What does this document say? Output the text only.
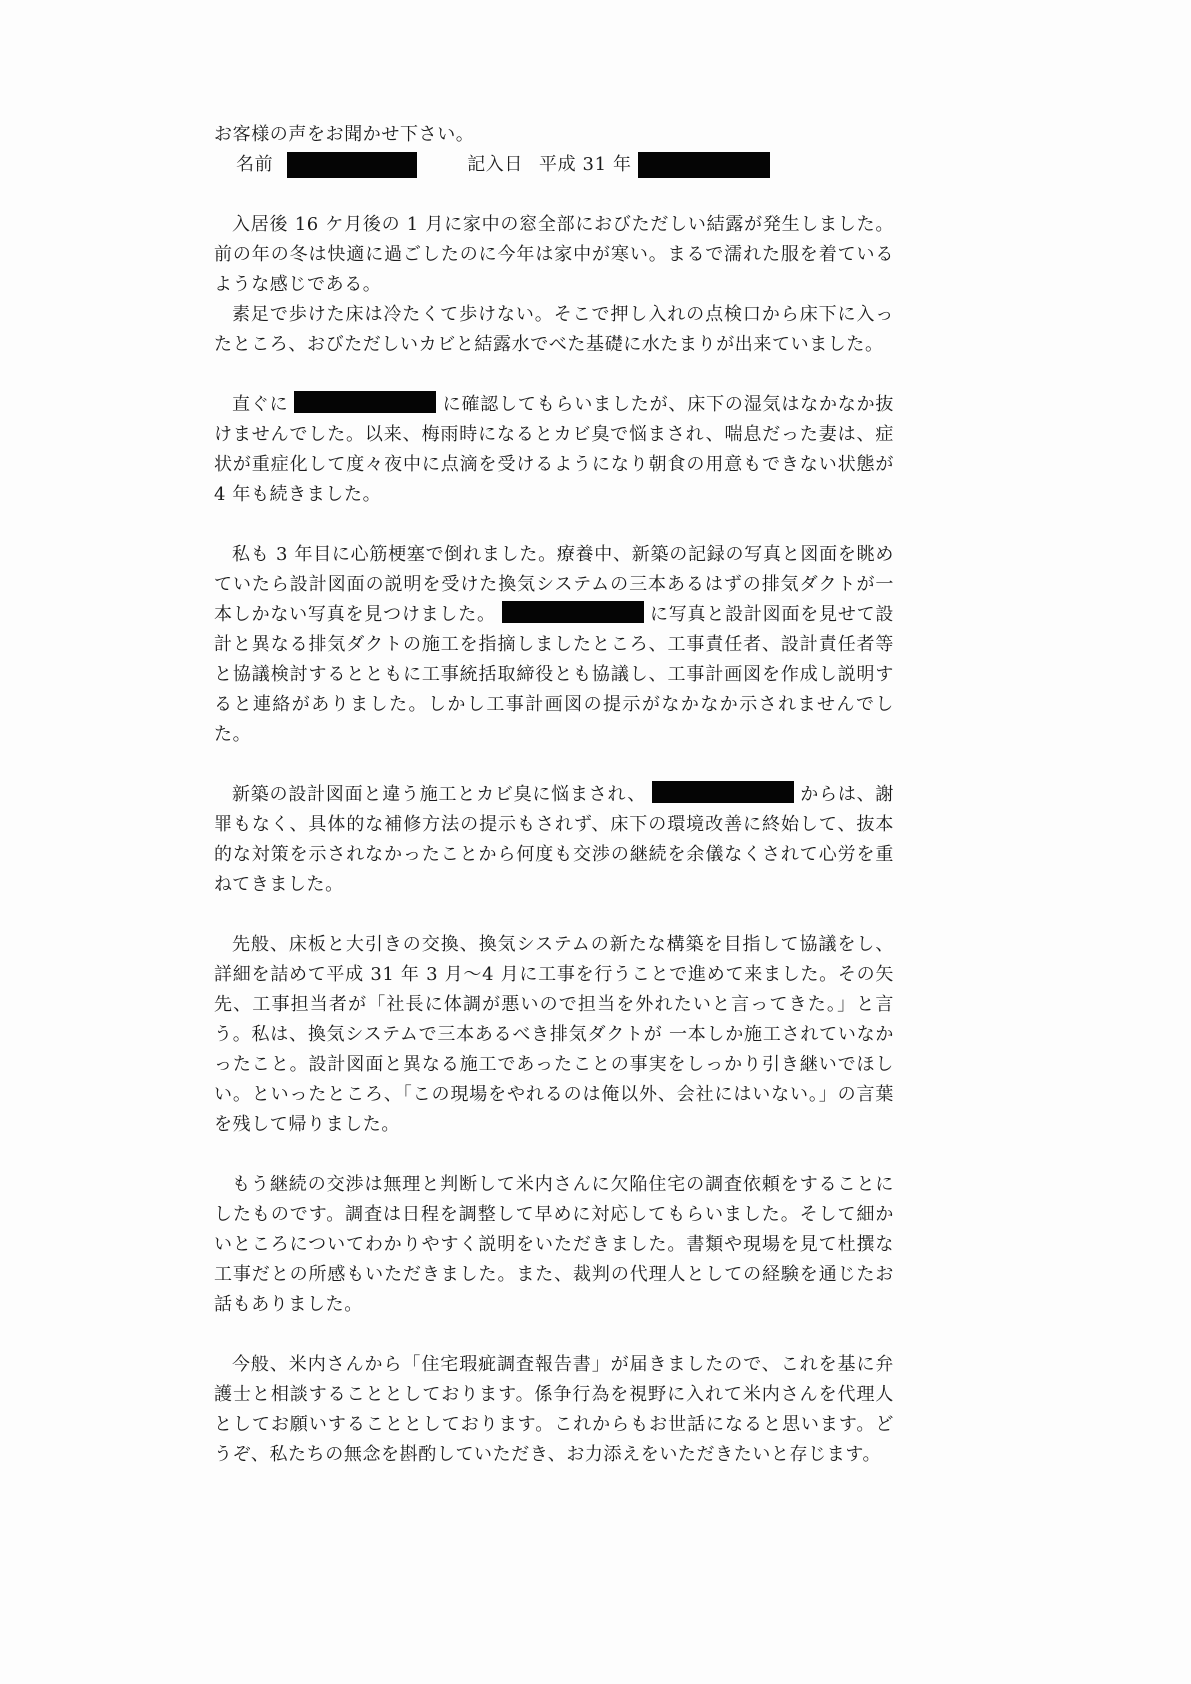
お客様の声をお聞かせ下さい。

名前	記入日 平成 31 年

入居後 16 ケ月後の 1 月に家中の窓全部におびただしい結露が発生しました。前の年の冬は快適に過ごしたのに今年は家中が寒い。まるで濡れた服を着ているような感じである。

素足で歩けた床は冷たくて歩けない。そこで押し入れの点検口から床下に入ったところ、おびただしいカビと結露水でべた基礎に水たまりが出来ていました。

直ぐに	に確認してもらいましたが、床下の湿気はなかなか抜けませんでした。以来、梅雨時になるとカビ臭で悩まされ、喘息だった妻は、症状が重症化して度々夜中に点滴を受けるようになり朝食の用意もできない状態が 4 年も続きました。

私も 3 年目に心筋梗塞で倒れました。療養中、新築の記録の写真と図面を眺めていたら設計図面の説明を受けた換気システムの三本あるはずの排気ダクトが一本しかない写真を見つけました。	に写真と設計図面を見せて設計と異なる排気ダクトの施工を指摘しましたところ、工事責任者、設計責任者等と協議検討するとともに工事統括取締役とも協議し、工事計画図を作成し説明すると連絡がありました。しかし工事計画図の提示がなかなか示されませんでした。

新築の設計図面と違う施工とカビ臭に悩まされ、	からは、謝罪もなく、具体的な補修方法の提示もされず、床下の環境改善に終始して、抜本的な対策を示されなかったことから何度も交渉の継続を余儀なくされて心労を重ねてきました。

先般、床板と大引きの交換、換気システムの新たな構築を目指して協議をし、詳細を詰めて平成 31 年 3 月～4 月に工事を行うことで進めて来ました。その矢先、工事担当者が「社長に体調が悪いので担当を外れたいと言ってきた。」と言う。私は、換気システムで三本あるべき排気ダクトが 一本しか施工されていなかったこと。設計図面と異なる施工であったことの事実をしっかり引き継いでほしい。といったところ、「この現場をやれるのは俺以外、会社にはいない。」の言葉を残して帰りました。

もう継続の交渉は無理と判断して米内さんに欠陥住宅の調査依頼をすることにしたものです。調査は日程を調整して早めに対応してもらいました。そして細かいところについてわかりやすく説明をいただきました。書類や現場を見て杜撰な工事だとの所感もいただきました。また、裁判の代理人としての経験を通じたお話もありました。

今般、米内さんから「住宅瑕疵調査報告書」が届きましたので、これを基に弁護士と相談することとしております。係争行為を視野に入れて米内さんを代理人としてお願いすることとしております。これからもお世話になると思います。どうぞ、私たちの無念を斟酌していただき、お力添えをいただきたいと存じます。
